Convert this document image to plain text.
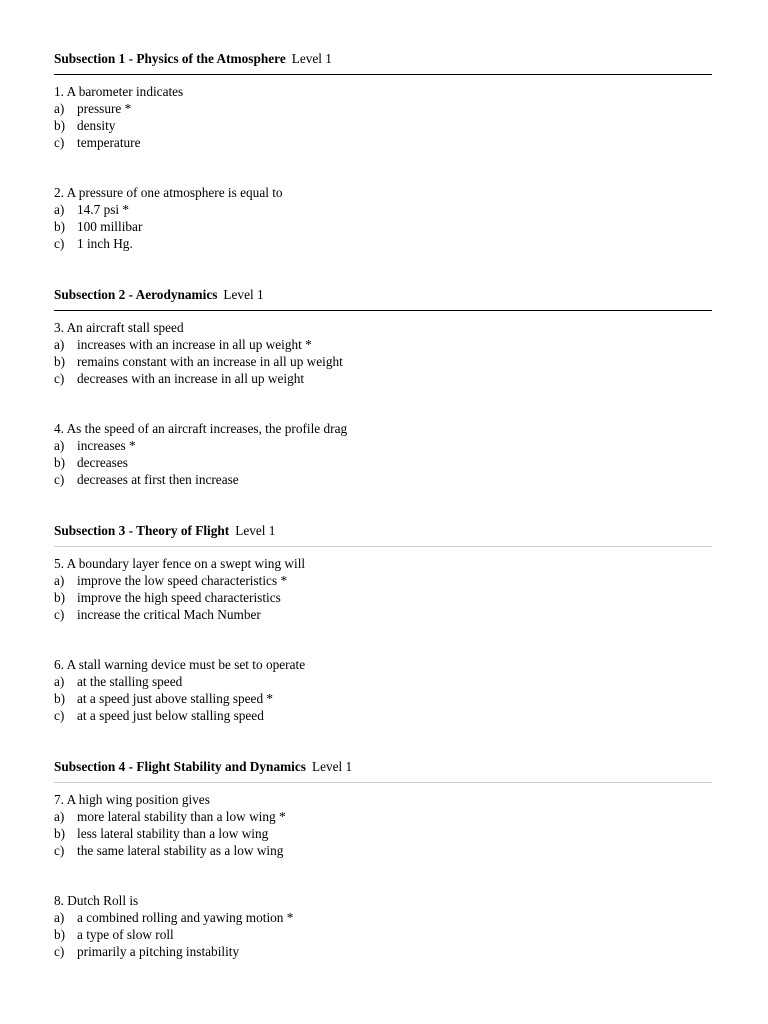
Subsection 1 - Physics of the Atmosphere Level 1
1. A barometer indicates
a) pressure *
b) density
c) temperature
2. A pressure of one atmosphere is equal to
a) 14.7 psi *
b) 100 millibar
c) 1 inch Hg.
Subsection 2 - Aerodynamics Level 1
3. An aircraft stall speed
a) increases with an increase in all up weight *
b) remains constant with an increase in all up weight
c) decreases with an increase in all up weight
4. As the speed of an aircraft increases, the profile drag
a) increases *
b) decreases
c) decreases at first then increase
Subsection 3 - Theory of Flight Level 1
5. A boundary layer fence on a swept wing will
a) improve the low speed characteristics *
b) improve the high speed characteristics
c) increase the critical Mach Number
6. A stall warning device must be set to operate
a) at the stalling speed
b) at a speed just above stalling speed *
c) at a speed just below stalling speed
Subsection 4 - Flight Stability and Dynamics Level 1
7. A high wing position gives
a) more lateral stability than a low wing *
b) less lateral stability than a low wing
c) the same lateral stability as a low wing
8. Dutch Roll is
a) a combined rolling and yawing motion *
b) a type of slow roll
c) primarily a pitching instability
